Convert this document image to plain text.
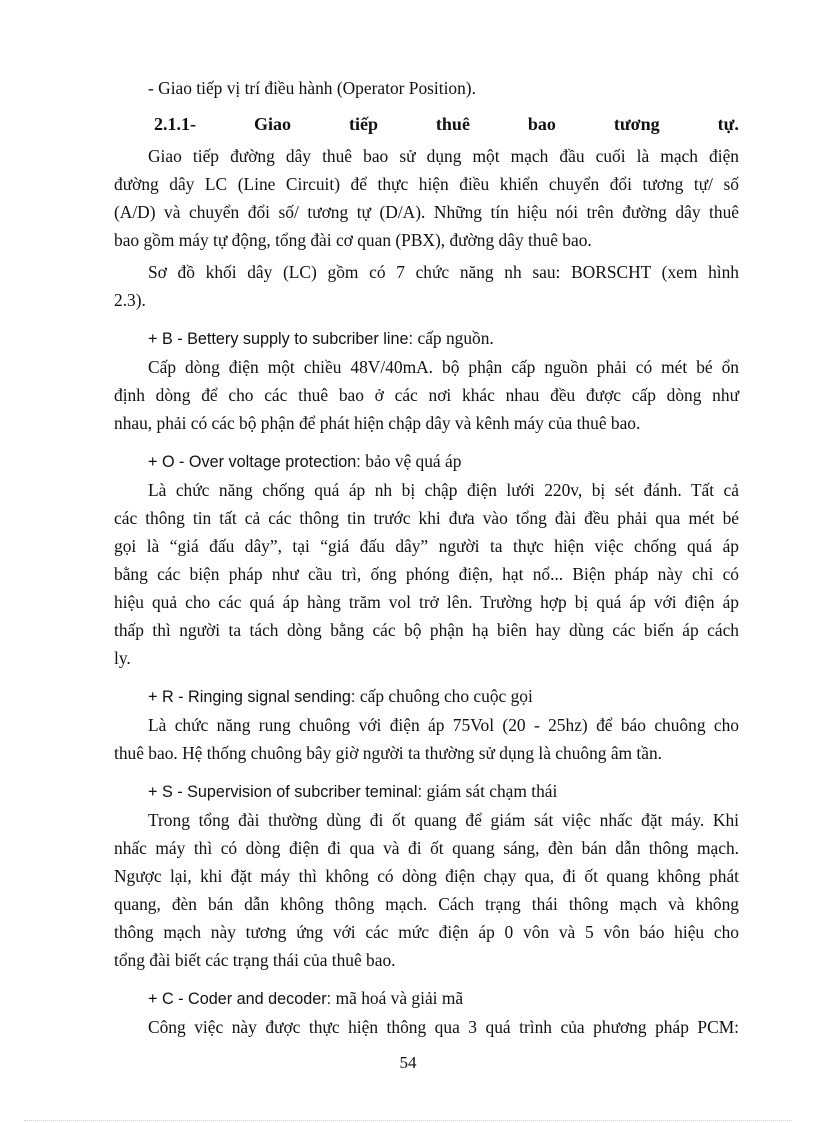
- Giao tiếp vị trí điều hành (Operator Position).
2.1.1-	Giao	tiếp	thuê	bao	tương	tự.
Giao tiếp đường dây thuê bao sử dụng một mạch đầu cuối là mạch điện
đường dây LC (Line Circuit) để thực hiện điều khiển chuyển đổi tương tự/ số
(A/D) và chuyển đổi số/ tương tự (D/A). Những tín hiệu nói trên đường dây thuê
bao gồm máy tự động, tổng đài cơ quan (PBX), đường dây thuê bao.
Sơ đồ khối dây (LC) gồm có 7 chức năng nh sau: BORSCHT (xem hình
2.3).
+ B - Bettery supply to subcriber line: cấp nguồn.
Cấp dòng điện một chiều 48V/40mA. bộ phận cấp nguồn phải có mét bé ổn
định dòng để cho các thuê bao ở các nơi khác nhau đều được cấp dòng như
nhau, phải có các bộ phận để phát hiện chập dây và kênh máy của thuê bao.
+ O - Over voltage protection: bảo vệ quá áp
Là chức năng chống quá áp nh bị chập điện lưới 220v, bị sét đánh. Tất cả
các thông tin tất cả các thông tin trước khi đưa vào tổng đài đều phải qua mét bé
gọi là “giá đấu dây”, tại “giá đấu dây” người ta thực hiện việc chống quá áp
bằng các biện pháp như cầu trì, ống phóng điện, hạt nổ... Biện pháp này chỉ có
hiệu quả cho các quá áp hàng trăm vol trở lên. Trường hợp bị quá áp với điện áp
thấp thì người ta tách dòng bằng các bộ phận hạ biên hay dùng các biến áp cách
ly.
+ R - Ringing signal sending: cấp chuông cho cuộc gọi
Là chức năng rung chuông với điện áp 75Vol (20 - 25hz) để báo chuông cho
thuê bao. Hệ thống chuông bây giờ người ta thường sử dụng là chuông âm tần.
+ S - Supervision of subcriber teminal: giám sát chạm thái
Trong tổng đài thường dùng đi ốt quang để giám sát việc nhấc đặt máy. Khi
nhấc máy thì có dòng điện đi qua và đi ốt quang sáng, đèn bán dẫn thông mạch.
Ngược lại, khi đặt máy thì không có dòng điện chạy qua, đi ốt quang không phát
quang, đèn bán dẫn không thông mạch. Cách trạng thái thông mạch và không
thông mạch này tương ứng với các mức điện áp 0 vôn và 5 vôn báo hiệu cho
tổng đài biết các trạng thái của thuê bao.
+ C - Coder and decoder: mã hoá và giải mã
Công việc này được thực hiện thông qua 3 quá trình của phương pháp PCM:
54
